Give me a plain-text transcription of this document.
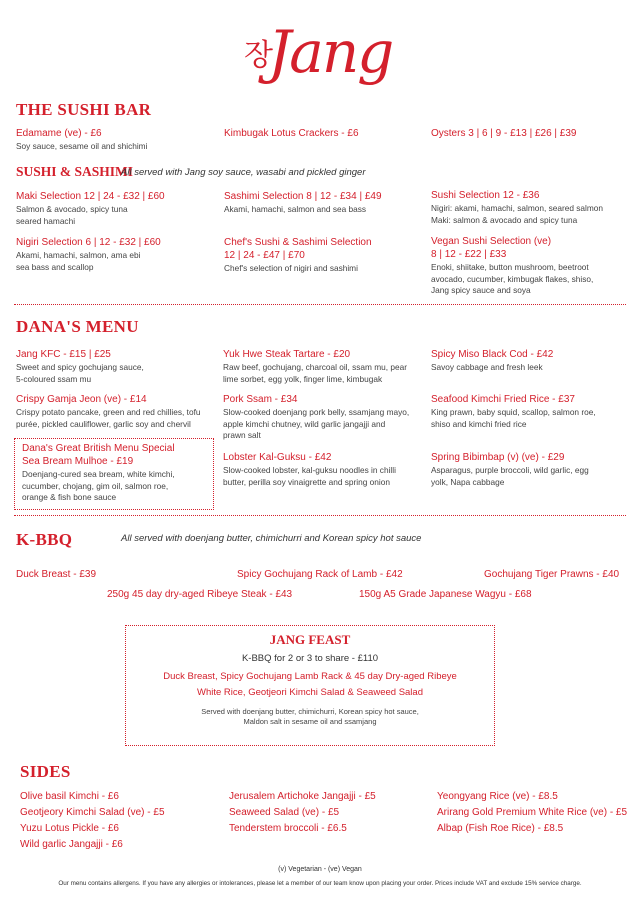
장
Jang
THE SUSHI BAR
Edamame (ve) - £6
Soy sauce, sesame oil and shichimi
Kimbugak Lotus Crackers - £6	Oysters 3 | 6 | 9 - £13 | £26 | £39
SUSHI & SASHIMI
All served with Jang soy sauce, wasabi and pickled ginger
Maki Selection 12 | 24 - £32 | £60
Salmon & avocado, spicy tuna
seared hamachi
Sashimi Selection 8 | 12 - £34 | £49
Akami, hamachi, salmon and sea bass
Sushi Selection 12 - £36
Nigiri: akami, hamachi, salmon, seared salmon
Maki: salmon & avocado and spicy tuna
Nigiri Selection 6 | 12 - £32 | £60
Akami, hamachi, salmon, ama ebi
sea bass and scallop
Chef's Sushi & Sashimi Selection
12 | 24 - £47 | £70
Chef's selection of nigiri and sashimi
Vegan Sushi Selection (ve)
8 | 12 - £22 | £33
Enoki, shiitake, button mushroom, beetroot
avocado, cucumber, kimbugak flakes, shiso,
Jang spicy sauce and soya
DANA'S MENU
Jang KFC - £15 | £25
Sweet and spicy gochujang sauce,
5-coloured ssam mu
Yuk Hwe Steak Tartare - £20
Raw beef, gochujang, charcoal oil, ssam mu, pear
lime sorbet, egg yolk, finger lime, kimbugak
Spicy Miso Black Cod - £42
Savoy cabbage and fresh leek
Crispy Gamja Jeon (ve) - £14
Crispy potato pancake, green and red chillies, tofu
purée, pickled cauliflower, garlic soy and chervil
Pork Ssam - £34
Slow-cooked doenjang pork belly, ssamjang mayo,
apple kimchi chutney, wild garlic jangajji and
prawn salt
Seafood Kimchi Fried Rice - £37
King prawn, baby squid, scallop, salmon roe,
shiso and kimchi fried rice
Dana's Great British Menu Special
Sea Bream Mulhoe - £19
Doenjang-cured sea bream, white kimchi,
cucumber, chojang, gim oil, salmon roe,
orange & fish bone sauce
Lobster Kal-Guksu - £42
Slow-cooked lobster, kal-guksu noodles in chilli
butter, perilla soy vinaigrette and spring onion
Spring Bibimbap (v) (ve) - £29
Asparagus, purple broccoli, wild garlic, egg
yolk, Napa cabbage
K-BBQ	All served with doenjang butter, chimichurri and Korean spicy hot sauce
Duck Breast - £39	Spicy Gochujang Rack of Lamb - £42	Gochujang Tiger Prawns - £40
250g 45 day dry-aged Ribeye Steak - £43	150g A5 Grade Japanese Wagyu - £68
JANG FEAST
K-BBQ for 2 or 3 to share - £110
Duck Breast, Spicy Gochujang Lamb Rack & 45 day Dry-aged Ribeye
White Rice, Geotjeori Kimchi Salad & Seaweed Salad
Served with doenjang butter, chimichurri, Korean spicy hot sauce,
Maldon salt in sesame oil and ssamjang
SIDES
Olive basil Kimchi - £6
Geotjeory Kimchi Salad (ve) - £5
Yuzu Lotus Pickle - £6
Wild garlic Jangajji - £6
Jerusalem Artichoke Jangajji - £5
Seaweed Salad (ve) - £5
Tenderstem broccoli - £6.5
Yeongyang Rice (ve) - £8.5
Arirang Gold Premium White Rice (ve) - £5
Albap (Fish Roe Rice) - £8.5
(v) Vegetarian - (ve) Vegan
Our menu contains allergens. If you have any allergies or intolerances, please let a member of our team know upon placing your order. Prices include VAT and exclude 15% service charge.
